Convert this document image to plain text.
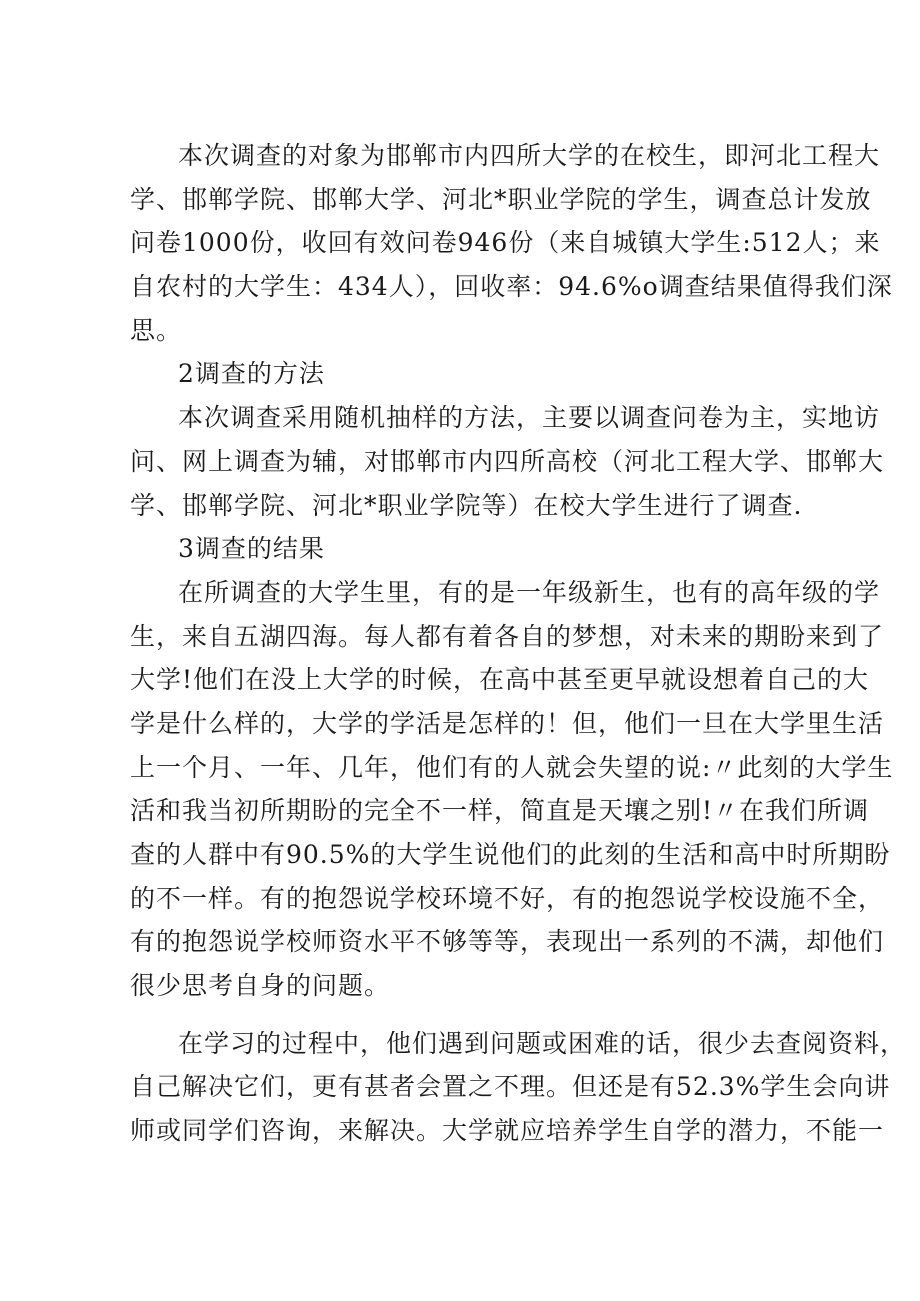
本次调查的对象为邯郸市内四所大学的在校生，即河北工程大
学、邯郸学院、邯郸大学、河北*职业学院的学生，调查总计发放
问卷1000份，收回有效问卷946份（来自城镇大学生:512人；来
自农村的大学生：434人），回收率：94.6%o调查结果值得我们深
思。
2调查的方法
本次调查采用随机抽样的方法，主要以调查问卷为主，实地访
问、网上调查为辅，对邯郸市内四所高校（河北工程大学、邯郸大
学、邯郸学院、河北*职业学院等）在校大学生进行了调查.
3调查的结果
在所调查的大学生里，有的是一年级新生，也有的高年级的学
生，来自五湖四海。每人都有着各自的梦想，对未来的期盼来到了
大学!他们在没上大学的时候，在高中甚至更早就设想着自己的大
学是什么样的，大学的学活是怎样的！但，他们一旦在大学里生活
上一个月、一年、几年，他们有的人就会失望的说:〃此刻的大学生
活和我当初所期盼的完全不一样，简直是天壤之别!〃在我们所调
查的人群中有90.5%的大学生说他们的此刻的生活和高中时所期盼
的不一样。有的抱怨说学校环境不好，有的抱怨说学校设施不全，
有的抱怨说学校师资水平不够等等，表现出一系列的不满，却他们
很少思考自身的问题。
在学习的过程中，他们遇到问题或困难的话，很少去查阅资料，
自己解决它们，更有甚者会置之不理。但还是有52.3%学生会向讲
师或同学们咨询，来解决。大学就应培养学生自学的潜力，不能一
